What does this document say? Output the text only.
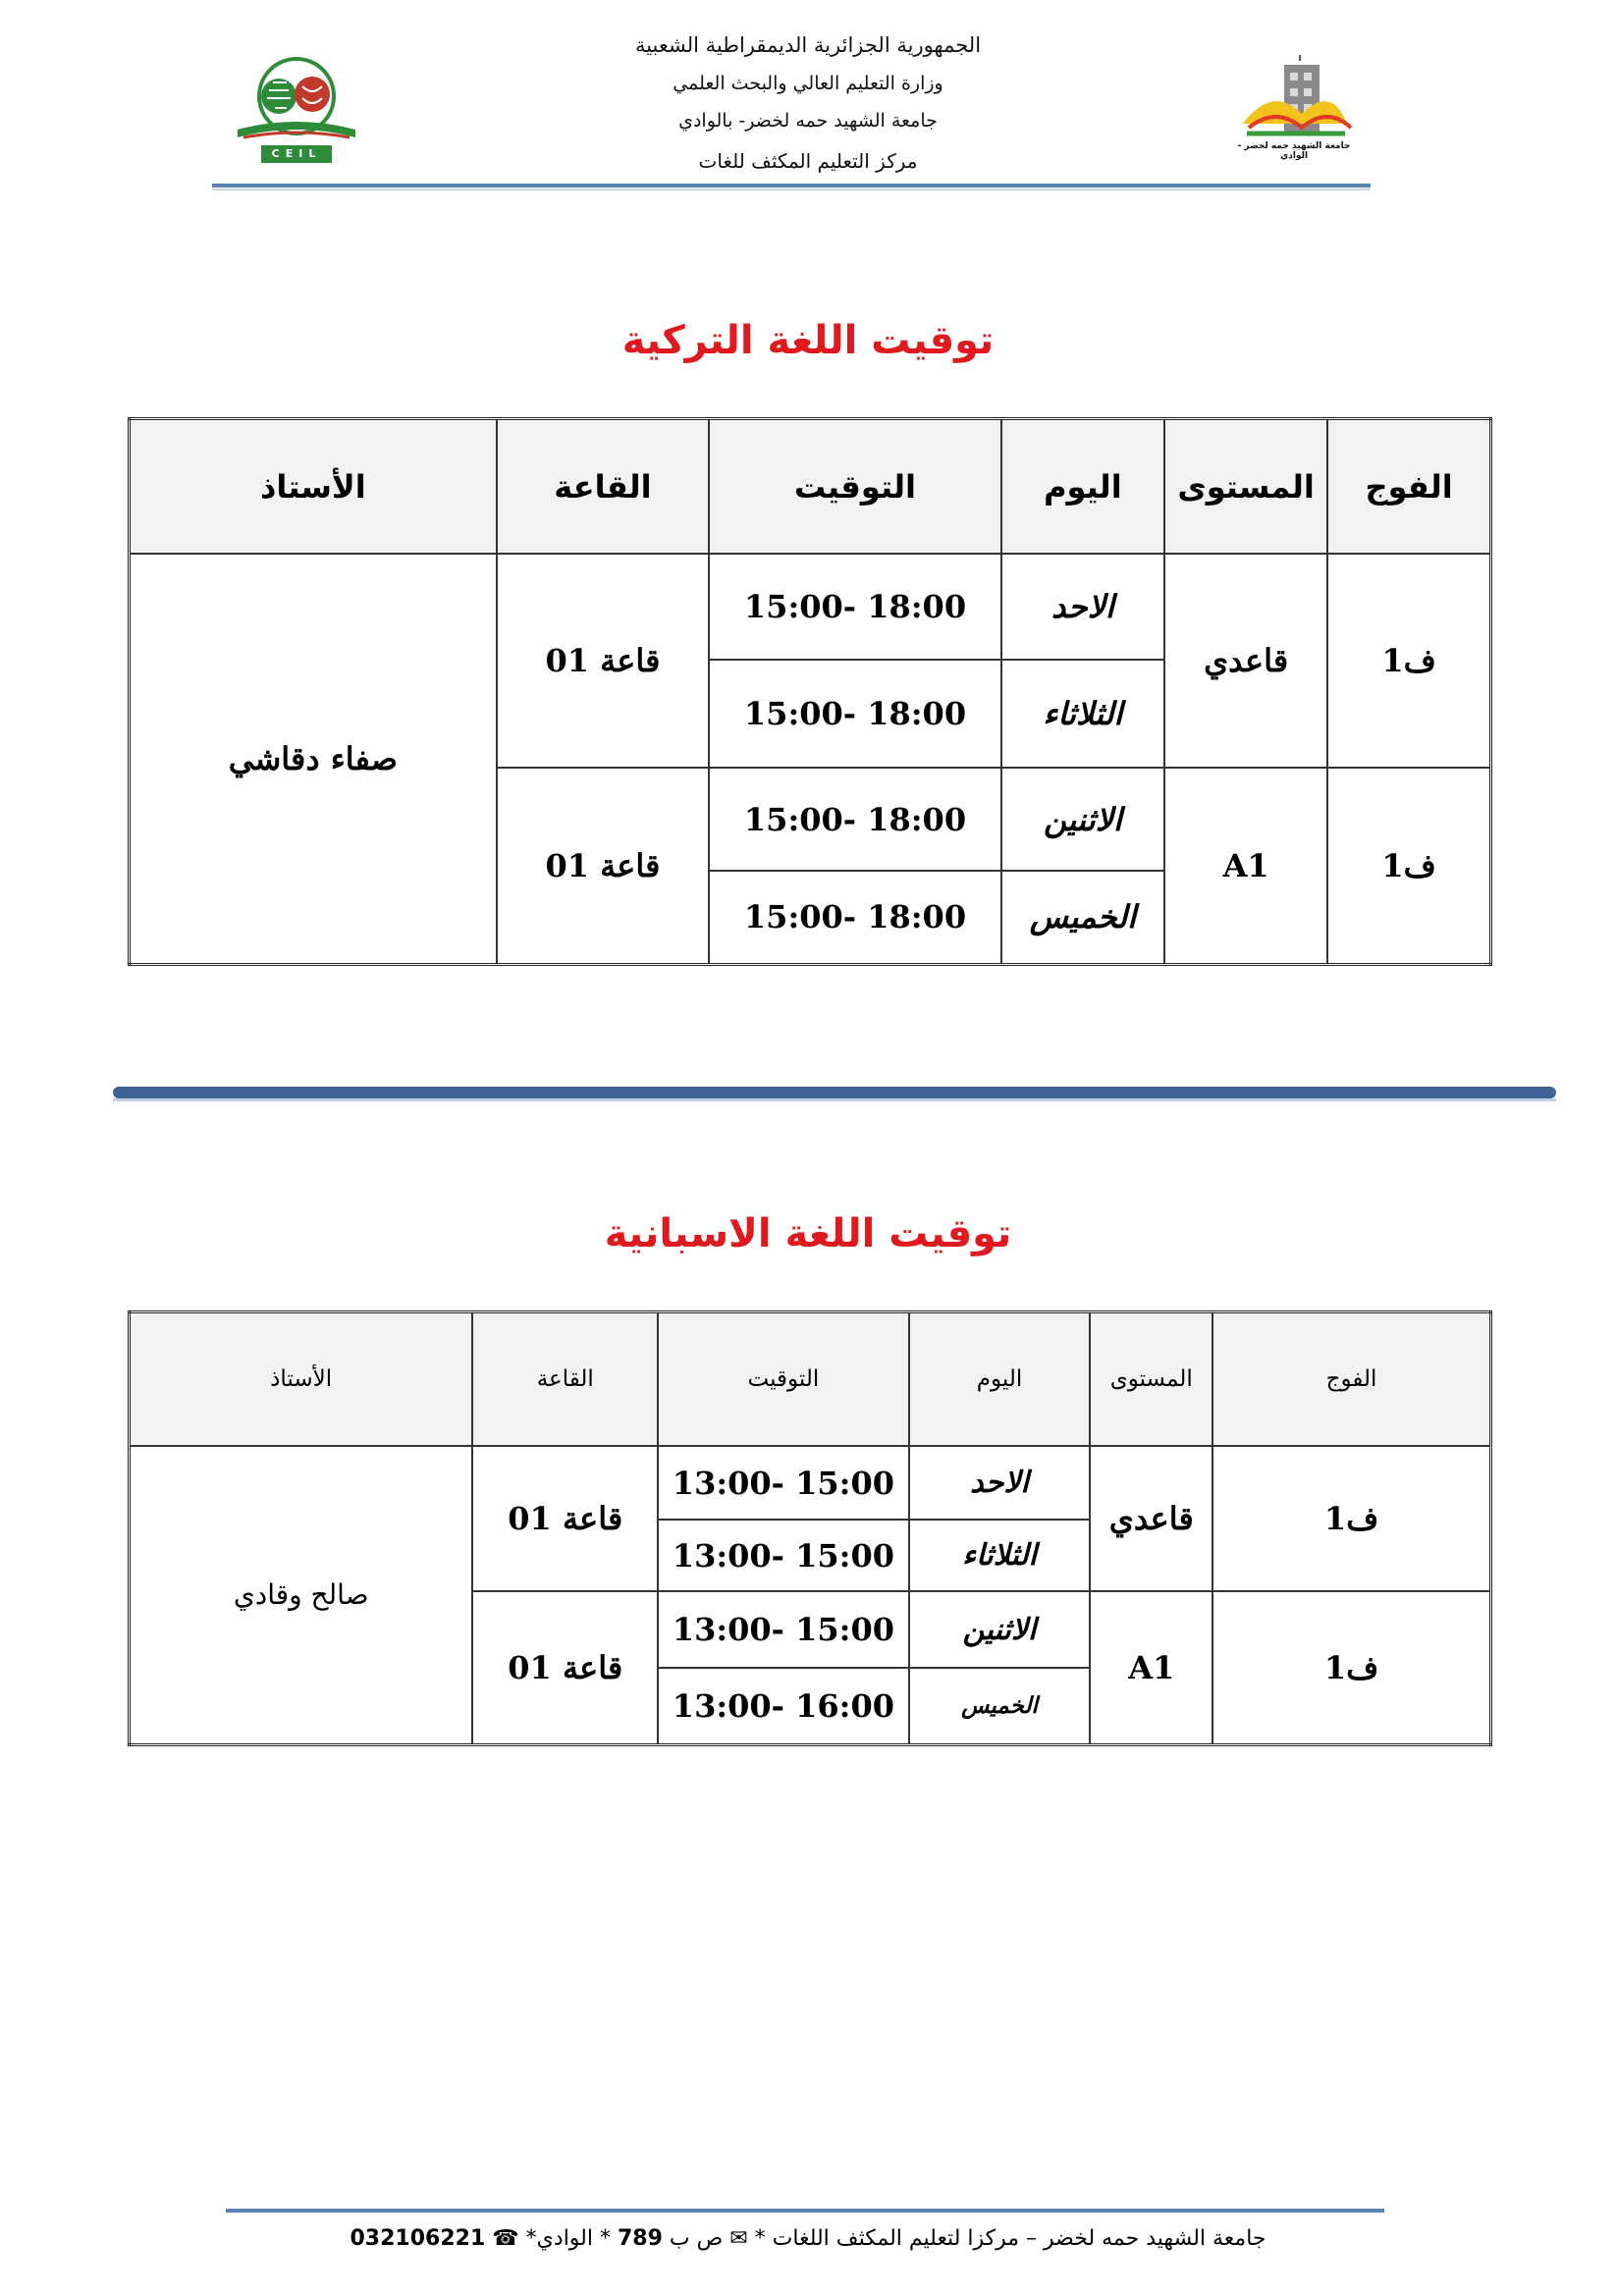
الجمهورية الجزائرية الديمقراطية الشعبية
وزارة التعليم العالي والبحث العلمي
جامعة الشهيد حمه لخضر- بالوادي
مركز التعليم المكثف للغات
CEIL
جامعة الشهيد حمه لخضر - الوادي
توقيت اللغة التركية
الفوج	المستوى	اليوم	التوقيت	القاعة	الأستاذ
ف1	قاعدي	الاحد	15:00- 18:00	قاعة 01	صفاء دقاشي
		الثلاثاء	15:00- 18:00		
ف1	A1	الاثنين	15:00- 18:00	قاعة 01	
		الخميس	15:00- 18:00		
توقيت اللغة الاسبانية
الفوج	المستوى	اليوم	التوقيت	القاعة	الأستاذ
ف1	قاعدي	الاحد	13:00- 15:00	قاعة 01	صالح وقادي
		الثلاثاء	13:00- 15:00		
ف1	A1	الاثنين	13:00- 15:00	قاعة 01	
		الخميس	13:00- 16:00		
جامعة الشهيد حمه لخضر – مركزا لتعليم المكثف اللغات * ✉ ص ب 789 * الوادي* ☎ 032106221
